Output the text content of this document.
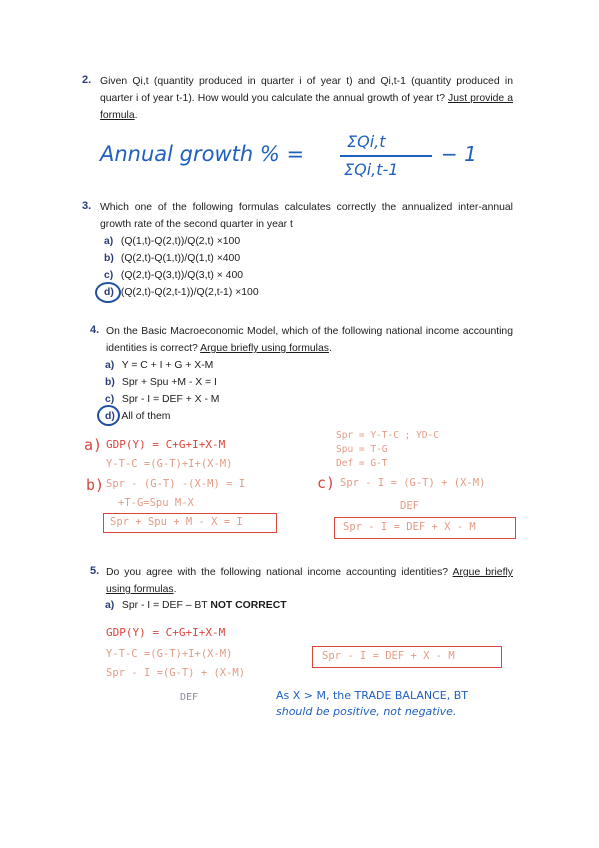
2. Given Qi,t (quantity produced in quarter i of year t) and Qi,t-1 (quantity produced in quarter i of year t-1). How would you calculate the annual growth of year t? Just provide a formula.
Annual growth % =
ΣQi,t
ΣQi,t-1
− 1
3. Which one of the following formulas calculates correctly the annualized inter-annual growth rate of the second quarter in year t
a) (Q(1,t)-Q(2,t))/Q(2,t) ×100
b) (Q(2,t)-Q(1,t))/Q(1,t) ×400
c) (Q(2,t)-Q(3,t))/Q(3,t) × 400
d) (Q(2,t)-Q(2,t-1))/Q(2,t-1) ×100
4. On the Basic Macroeconomic Model, which of the following national income accounting identities is correct? Argue briefly using formulas.
a) Y = C + I + G + X-M
b) Spr + Spu +M - X = I
c) Spr - I = DEF + X - M
d) All of them
a) GDP(Y) = C+G+I+X-M
Y-T-C =(G-T)+I+(X-M)
b) Spr - (G-T) -(X-M) = I
+T-G=Spu M-X
Spr + Spu + M - X = I
Spr = Y-T-C ; YD-C
Spu = T-G
Def = G-T
c) Spr - I = (G-T) + (X-M)
DEF
Spr - I = DEF + X - M
5. Do you agree with the following national income accounting identities? Argue briefly using formulas.
a) Spr - I = DEF – BT NOT CORRECT
GDP(Y) = C+G+I+X-M
Y-T-C =(G-T)+I+(X-M)
Spr - I =(G-T) + (X-M)
DEF
Spr - I = DEF + X - M
As X > M, the TRADE BALANCE, BT
should be positive, not negative.
